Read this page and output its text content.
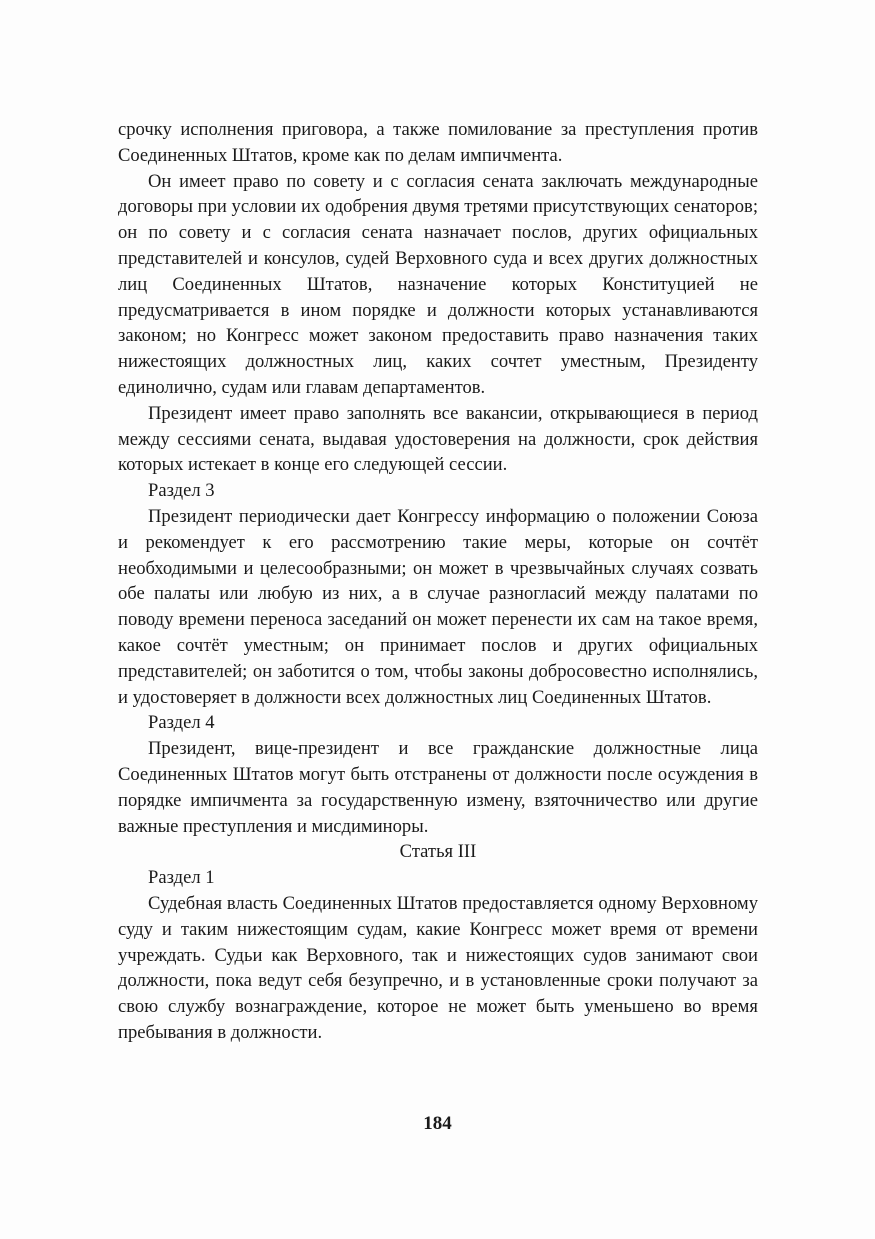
срочку исполнения приговора, а также помилование за преступления против Соединенных Штатов, кроме как по делам импичмента.

Он имеет право по совету и с согласия сената заключать международные договоры при условии их одобрения двумя третями присутствующих сенаторов; он по совету и с согласия сената назначает послов, других официальных представителей и консулов, судей Верховного суда и всех других должностных лиц Соединенных Штатов, назначение которых Конституцией не предусматривается в ином порядке и должности которых устанавливаются законом; но Конгресс может законом предоставить право назначения таких нижестоящих должностных лиц, каких сочтет уместным, Президенту единолично, судам или главам департаментов.

Президент имеет право заполнять все вакансии, открывающиеся в период между сессиями сената, выдавая удостоверения на должности, срок действия которых истекает в конце его следующей сессии.

Раздел 3

Президент периодически дает Конгрессу информацию о положении Союза и рекомендует к его рассмотрению такие меры, которые он сочтёт необходимыми и целесообразными; он может в чрезвычайных случаях созвать обе палаты или любую из них, а в случае разногласий между палатами по поводу времени переноса заседаний он может перенести их сам на такое время, какое сочтёт уместным; он принимает послов и других официальных представителей; он заботится о том, чтобы законы добросовестно исполнялись, и удостоверяет в должности всех должностных лиц Соединенных Штатов.

Раздел 4

Президент, вице-президент и все гражданские должностные лица Соединенных Штатов могут быть отстранены от должности после осуждения в порядке импичмента за государственную измену, взяточничество или другие важные преступления и мисдиминоры.

Статья III

Раздел 1

Судебная власть Соединенных Штатов предоставляется одному Верховному суду и таким нижестоящим судам, какие Конгресс может время от времени учреждать. Судьи как Верховного, так и нижестоящих судов занимают свои должности, пока ведут себя безупречно, и в установленные сроки получают за свою службу вознаграждение, которое не может быть уменьшено во время пребывания в должности.

184
